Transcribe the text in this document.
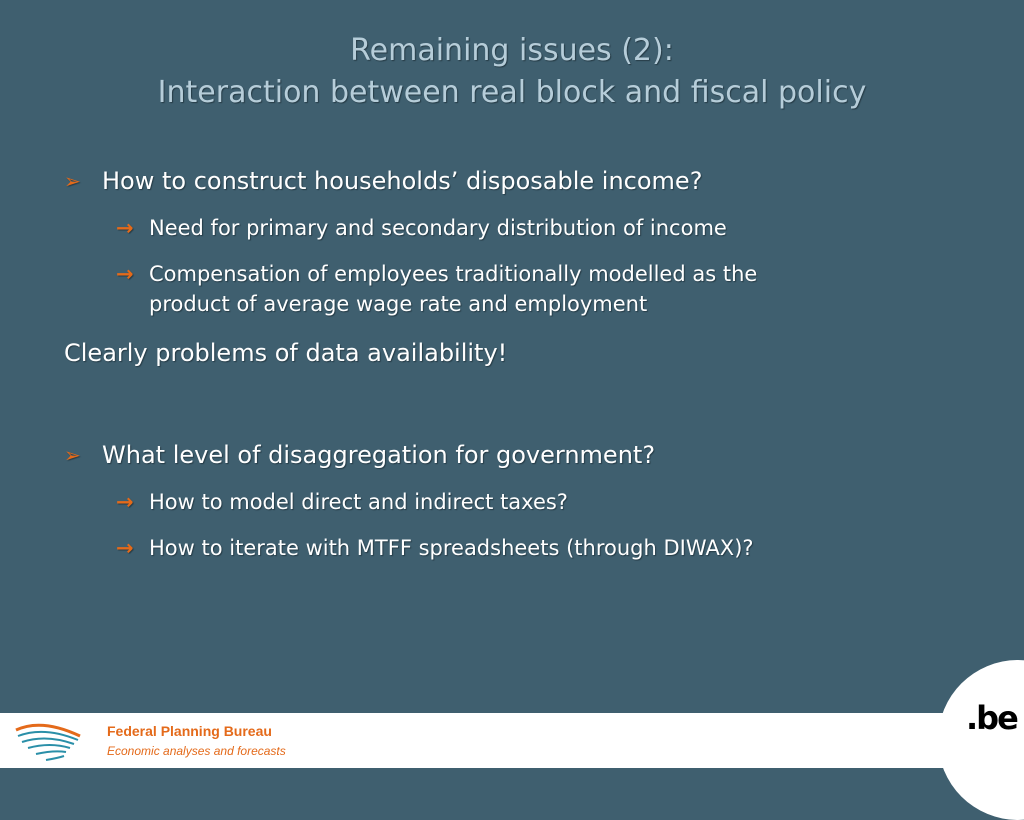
Remaining issues (2):
Interaction between real block and fiscal policy
➢ How to construct households’ disposable income?
→ Need for primary and secondary distribution of income
→ Compensation of employees traditionally modelled as the
product of average wage rate and employment
Clearly problems of data availability!
➢ What level of disaggregation for government?
→ How to model direct and indirect taxes?
→ How to iterate with MTFF spreadsheets (through DIWAX)?
.be
Federal Planning Bureau
Economic analyses and forecasts
